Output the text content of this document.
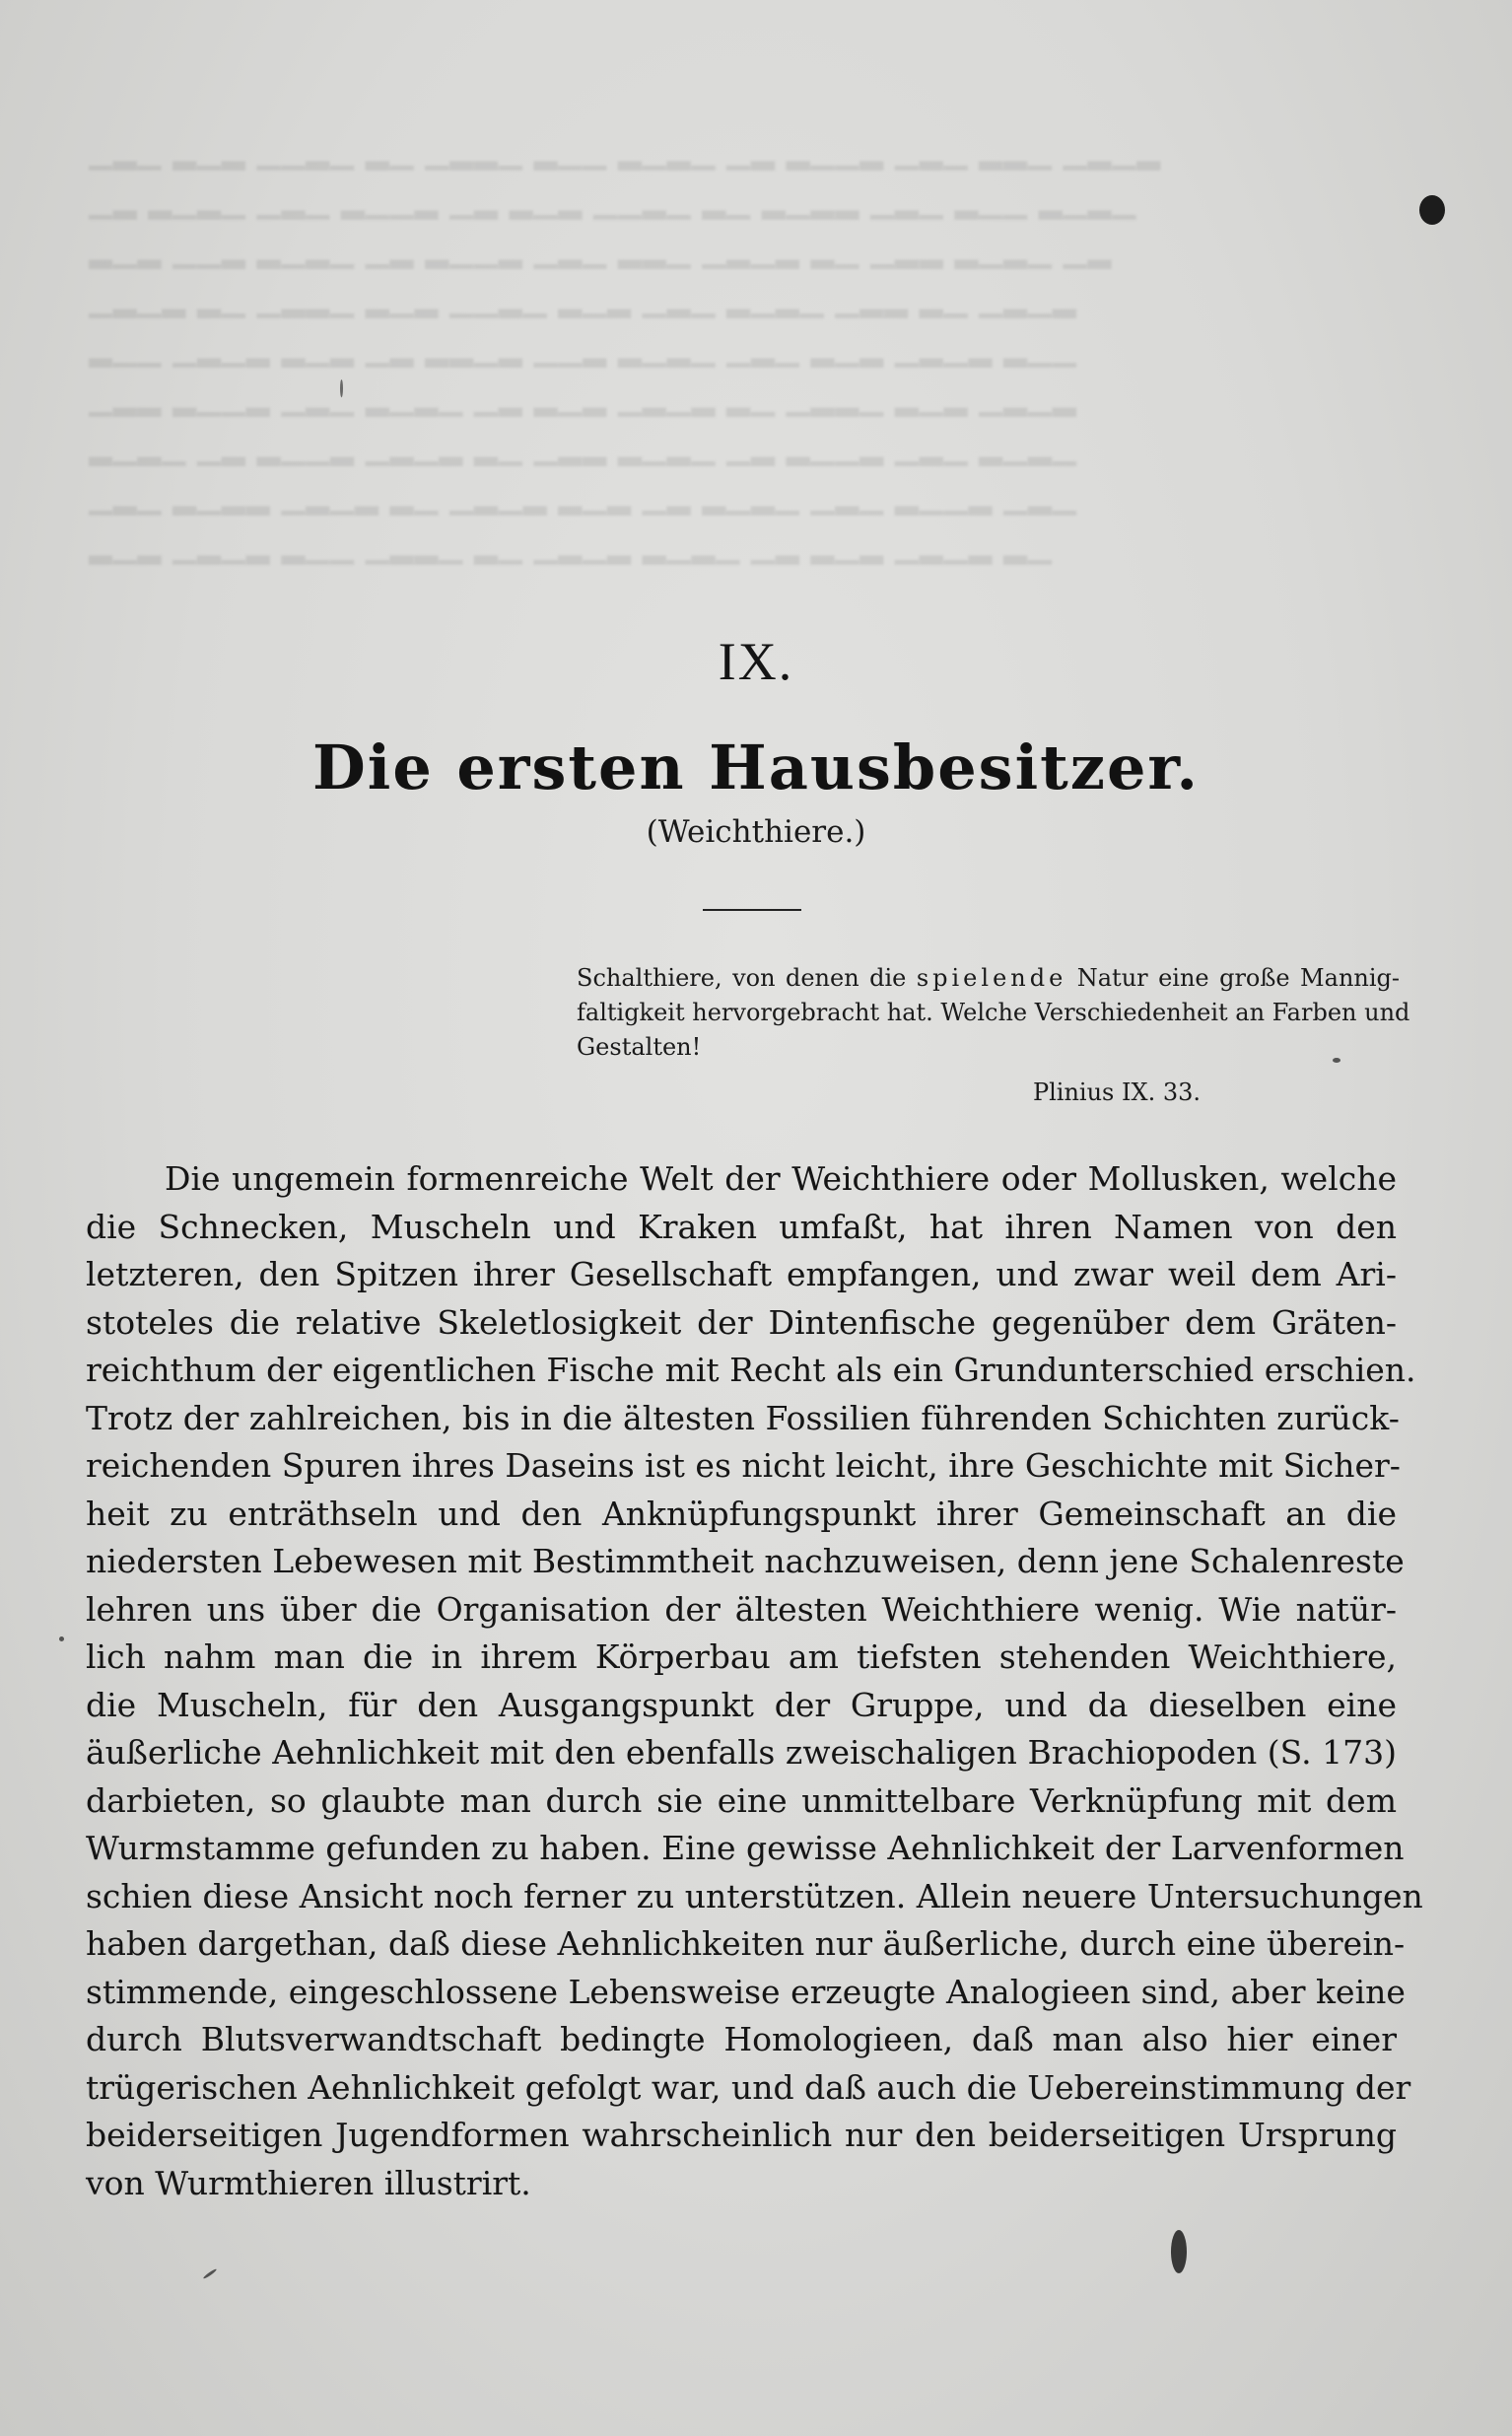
▁▂▁ ▂▁▂ ▁▁▂▁ ▂▁ ▁▂▂▁ ▂▁▁ ▂▁▂▁ ▁▂ ▂▁▁▂ ▁▂▁ ▂▂▁ ▁▂▁▂
▁▂ ▂▁▂▁ ▁▂▁ ▂▁▁▂ ▁▂ ▂▁▂ ▁▁▂▁ ▂▁ ▂▁▂▂ ▁▂▁ ▂▁▁ ▂▁▂▁
▂▁▂ ▁▁▂ ▂▁▂▁ ▁▂ ▂▁▁▂ ▁▂▁ ▂▂▁ ▁▂▁▂ ▂▁ ▁▂▂ ▂▁▂▁ ▁▂
▁▂▁▂ ▂▁ ▁▂▂▁ ▂▁▂ ▁▁▂▁ ▂▁▂ ▁▂▁ ▂▁▂▁ ▁▂▂ ▂▁ ▁▂▁▂
▂▁▁ ▁▂▁▂ ▂▁▂ ▁▂ ▂▂▁▂ ▁▁▂ ▂▁▂▁ ▁▂▁ ▂▁▂ ▁▂▁▂ ▂▁▁
▁▂▂ ▂▁▁▂ ▁▂▁ ▂▁▂▁ ▁▂ ▂▁▂ ▁▂▁▂ ▂▁ ▁▂▂▁ ▂▁▂ ▁▂▁▂
▂▁▂▁ ▁▂ ▂▁▁▂ ▁▂▁▂ ▂▁ ▁▂▂ ▂▁▂▁ ▁▂ ▂▁▁▂ ▁▂▁ ▂▁▂▁
▁▂▁ ▂▁▂▂ ▁▂▁▂ ▂▁ ▁▂▁▂ ▂▁▂ ▁▂ ▂▁▂▁ ▁▂▁ ▂▁▁▂ ▁▂▁
▂▁▂ ▁▂▁▂ ▂▁▁ ▁▂▂▁ ▂▁ ▁▂▁▂ ▂▁▂▁ ▁▂ ▂▁▂ ▁▂▁▂ ▂▁
IX.
Die ersten Hausbesitzer.
(Weichthiere.)
Schalthiere, von denen die spielende Natur eine große Mannig-
faltigkeit hervorgebracht hat. Welche Verschiedenheit an Farben und
Gestalten!
Plinius IX. 33.
Die ungemein formenreiche Welt der Weichthiere oder Mollusken, welche
die Schnecken, Muscheln und Kraken umfaßt, hat ihren Namen von den
letzteren, den Spitzen ihrer Gesellschaft empfangen, und zwar weil dem Ari-
stoteles die relative Skeletlosigkeit der Dintenfische gegenüber dem Gräten-
reichthum der eigentlichen Fische mit Recht als ein Grundunterschied erschien.
Trotz der zahlreichen, bis in die ältesten Fossilien führenden Schichten zurück-
reichenden Spuren ihres Daseins ist es nicht leicht, ihre Geschichte mit Sicher-
heit zu enträthseln und den Anknüpfungspunkt ihrer Gemeinschaft an die
niedersten Lebewesen mit Bestimmtheit nachzuweisen, denn jene Schalenreste
lehren uns über die Organisation der ältesten Weichthiere wenig. Wie natür-
lich nahm man die in ihrem Körperbau am tiefsten stehenden Weichthiere,
die Muscheln, für den Ausgangspunkt der Gruppe, und da dieselben eine
äußerliche Aehnlichkeit mit den ebenfalls zweischaligen Brachiopoden (S. 173)
darbieten, so glaubte man durch sie eine unmittelbare Verknüpfung mit dem
Wurmstamme gefunden zu haben. Eine gewisse Aehnlichkeit der Larvenformen
schien diese Ansicht noch ferner zu unterstützen. Allein neuere Untersuchungen
haben dargethan, daß diese Aehnlichkeiten nur äußerliche, durch eine überein-
stimmende, eingeschlossene Lebensweise erzeugte Analogieen sind, aber keine
durch Blutsverwandtschaft bedingte Homologieen, daß man also hier einer
trügerischen Aehnlichkeit gefolgt war, und daß auch die Uebereinstimmung der
beiderseitigen Jugendformen wahrscheinlich nur den beiderseitigen Ursprung
von Wurmthieren illustrirt.
